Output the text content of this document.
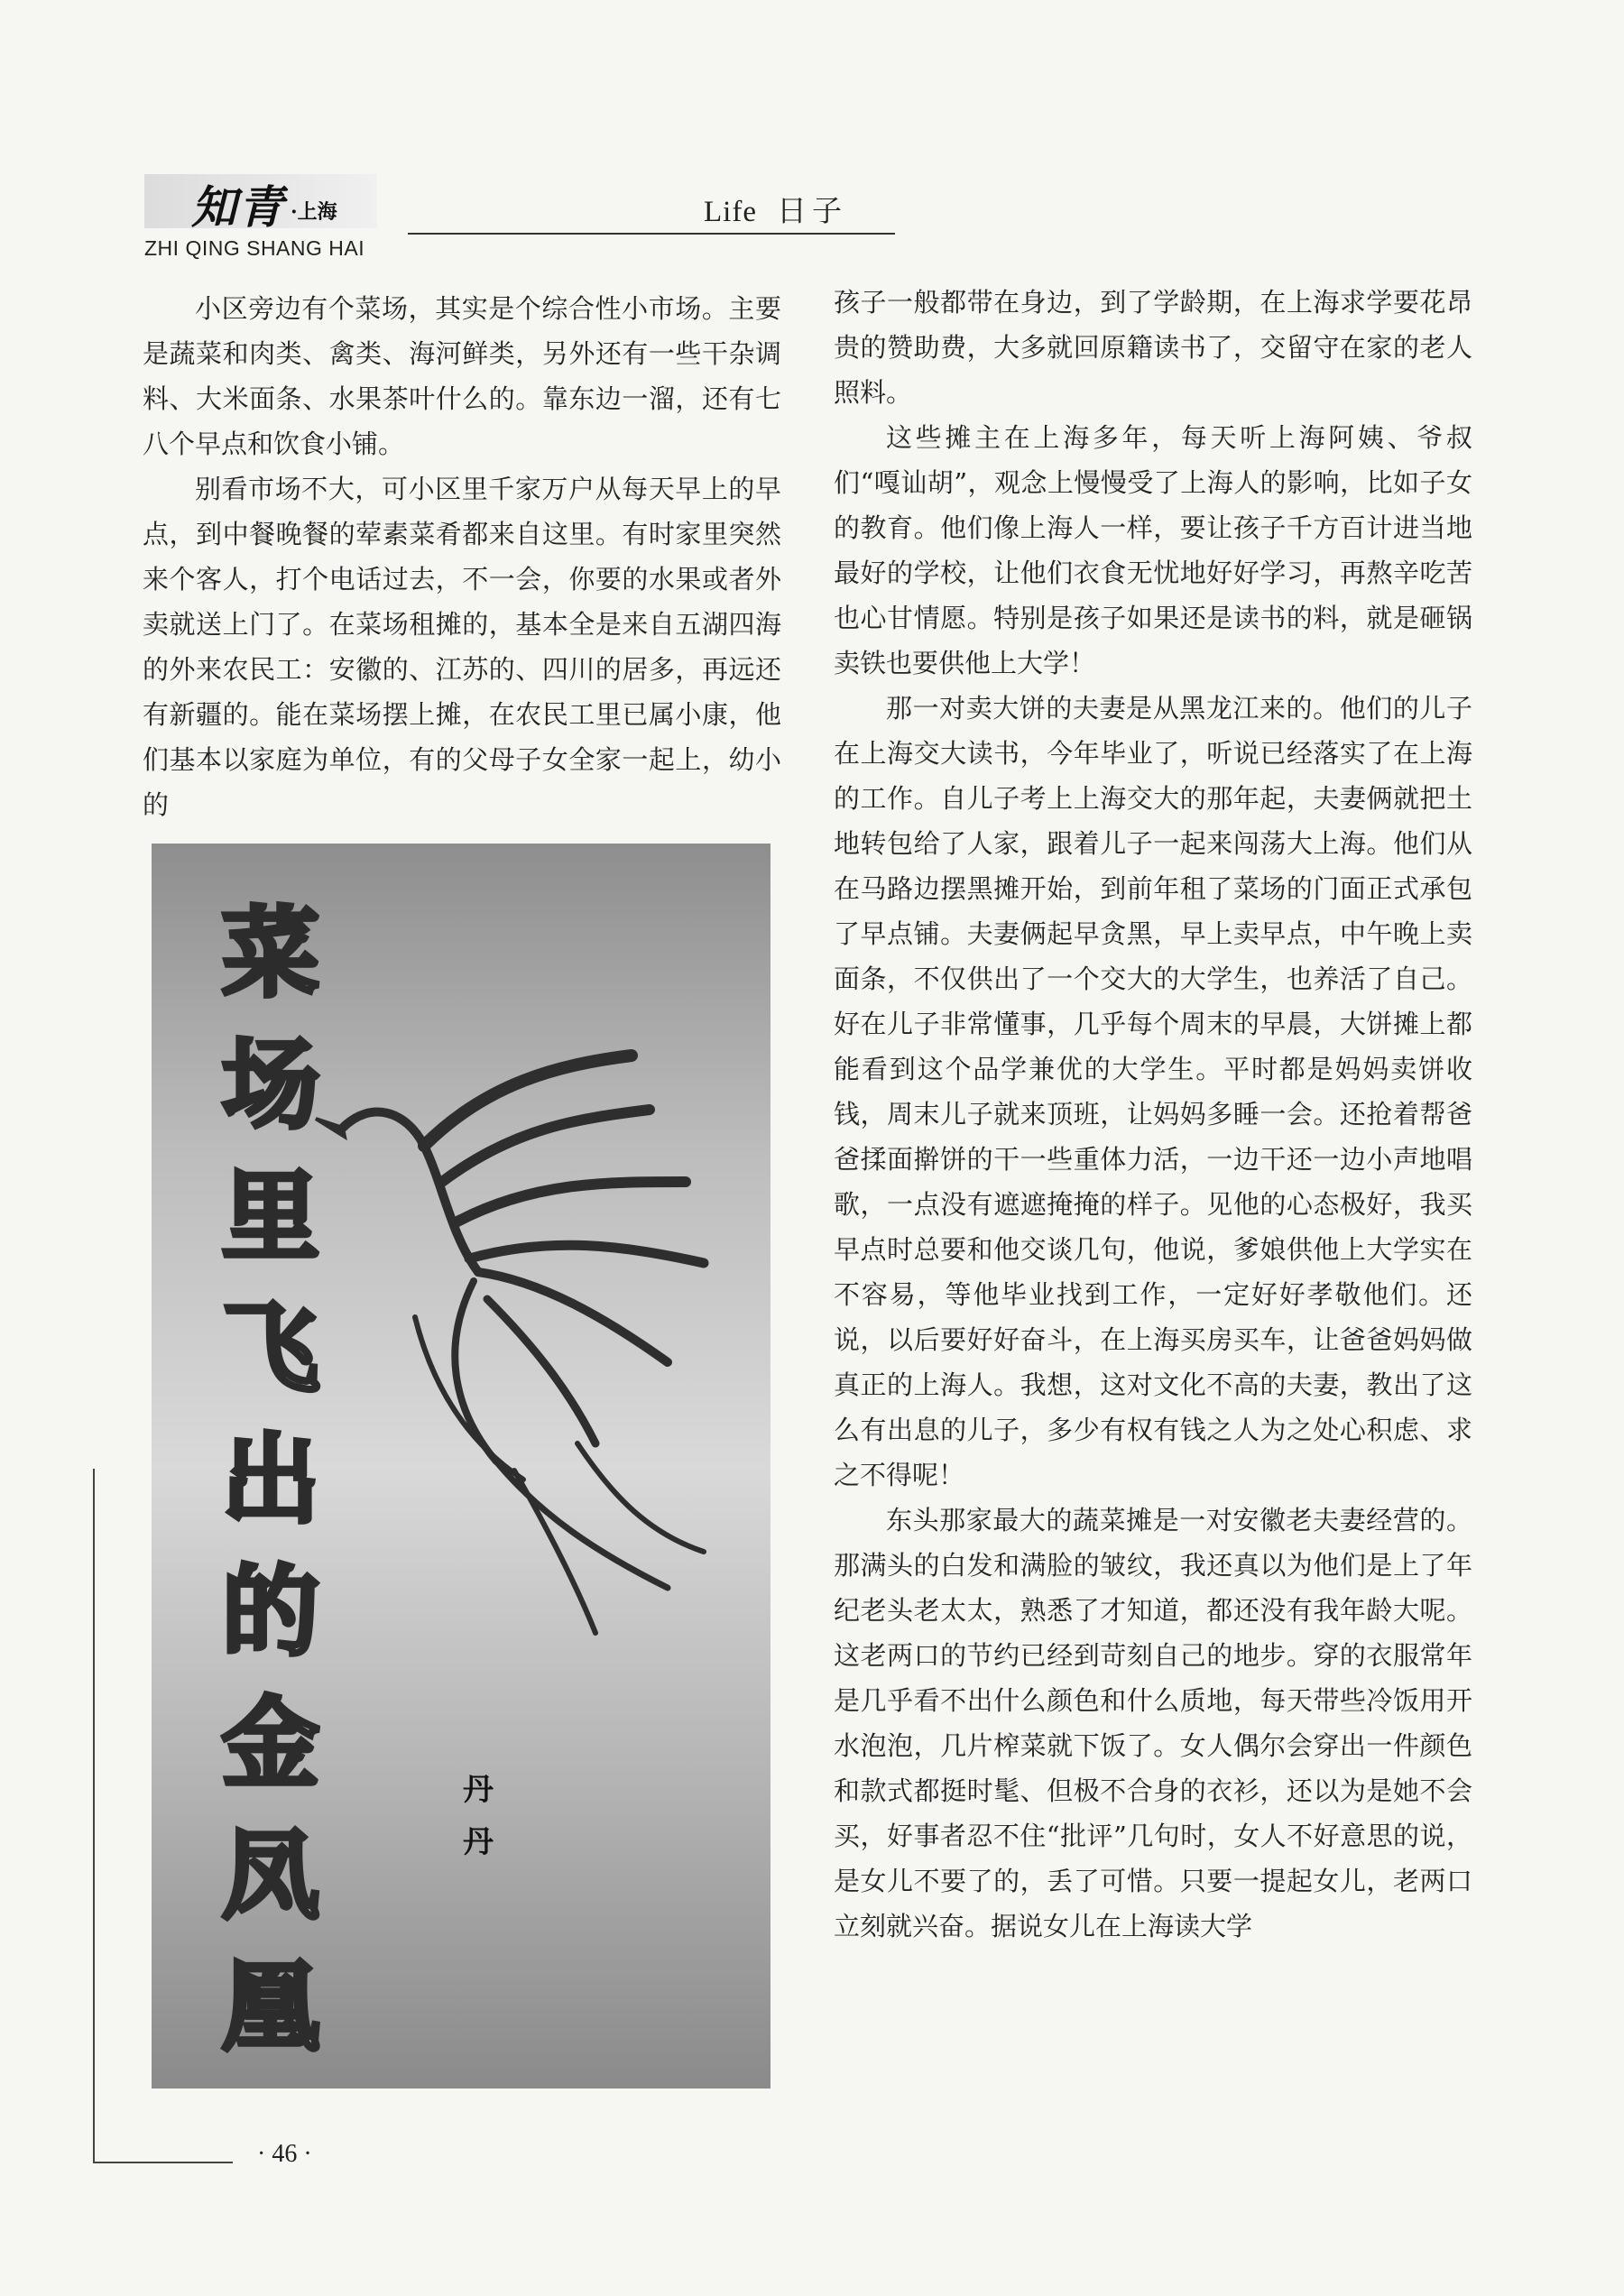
知青 ·上海
ZHI QING SHANG HAI
Life 日子

小区旁边有个菜场，其实是个综合性小市场。主要是蔬菜和肉类、禽类、海河鲜类，另外还有一些干杂调料、大米面条、水果茶叶什么的。靠东边一溜，还有七八个早点和饮食小铺。

别看市场不大，可小区里千家万户从每天早上的早点，到中餐晚餐的荤素菜肴都来自这里。有时家里突然来个客人，打个电话过去，不一会，你要的水果或者外卖就送上门了。在菜场租摊的，基本全是来自五湖四海的外来农民工：安徽的、江苏的、四川的居多，再远还有新疆的。能在菜场摆上摊，在农民工里已属小康，他们基本以家庭为单位，有的父母子女全家一起上，幼小的

菜
场
里
飞
出
的
金
凤
凰
丹
丹

孩子一般都带在身边，到了学龄期，在上海求学要花昂贵的赞助费，大多就回原籍读书了，交留守在家的老人照料。

这些摊主在上海多年，每天听上海阿姨、爷叔们“嘎讪胡”，观念上慢慢受了上海人的影响，比如子女的教育。他们像上海人一样，要让孩子千方百计进当地最好的学校，让他们衣食无忧地好好学习，再熬辛吃苦也心甘情愿。特别是孩子如果还是读书的料，就是砸锅卖铁也要供他上大学！

那一对卖大饼的夫妻是从黑龙江来的。他们的儿子在上海交大读书，今年毕业了，听说已经落实了在上海的工作。自儿子考上上海交大的那年起，夫妻俩就把土地转包给了人家，跟着儿子一起来闯荡大上海。他们从在马路边摆黑摊开始，到前年租了菜场的门面正式承包了早点铺。夫妻俩起早贪黑，早上卖早点，中午晚上卖面条，不仅供出了一个交大的大学生，也养活了自己。好在儿子非常懂事，几乎每个周末的早晨，大饼摊上都能看到这个品学兼优的大学生。平时都是妈妈卖饼收钱，周末儿子就来顶班，让妈妈多睡一会。还抢着帮爸爸揉面擀饼的干一些重体力活，一边干还一边小声地唱歌，一点没有遮遮掩掩的样子。见他的心态极好，我买早点时总要和他交谈几句，他说，爹娘供他上大学实在不容易，等他毕业找到工作，一定好好孝敬他们。还说，以后要好好奋斗，在上海买房买车，让爸爸妈妈做真正的上海人。我想，这对文化不高的夫妻，教出了这么有出息的儿子，多少有权有钱之人为之处心积虑、求之不得呢！

东头那家最大的蔬菜摊是一对安徽老夫妻经营的。那满头的白发和满脸的皱纹，我还真以为他们是上了年纪老头老太太，熟悉了才知道，都还没有我年龄大呢。这老两口的节约已经到苛刻自己的地步。穿的衣服常年是几乎看不出什么颜色和什么质地，每天带些冷饭用开水泡泡，几片榨菜就下饭了。女人偶尔会穿出一件颜色和款式都挺时髦、但极不合身的衣衫，还以为是她不会买，好事者忍不住“批评”几句时，女人不好意思的说，是女儿不要了的，丢了可惜。只要一提起女儿，老两口立刻就兴奋。据说女儿在上海读大学

· 46 ·
